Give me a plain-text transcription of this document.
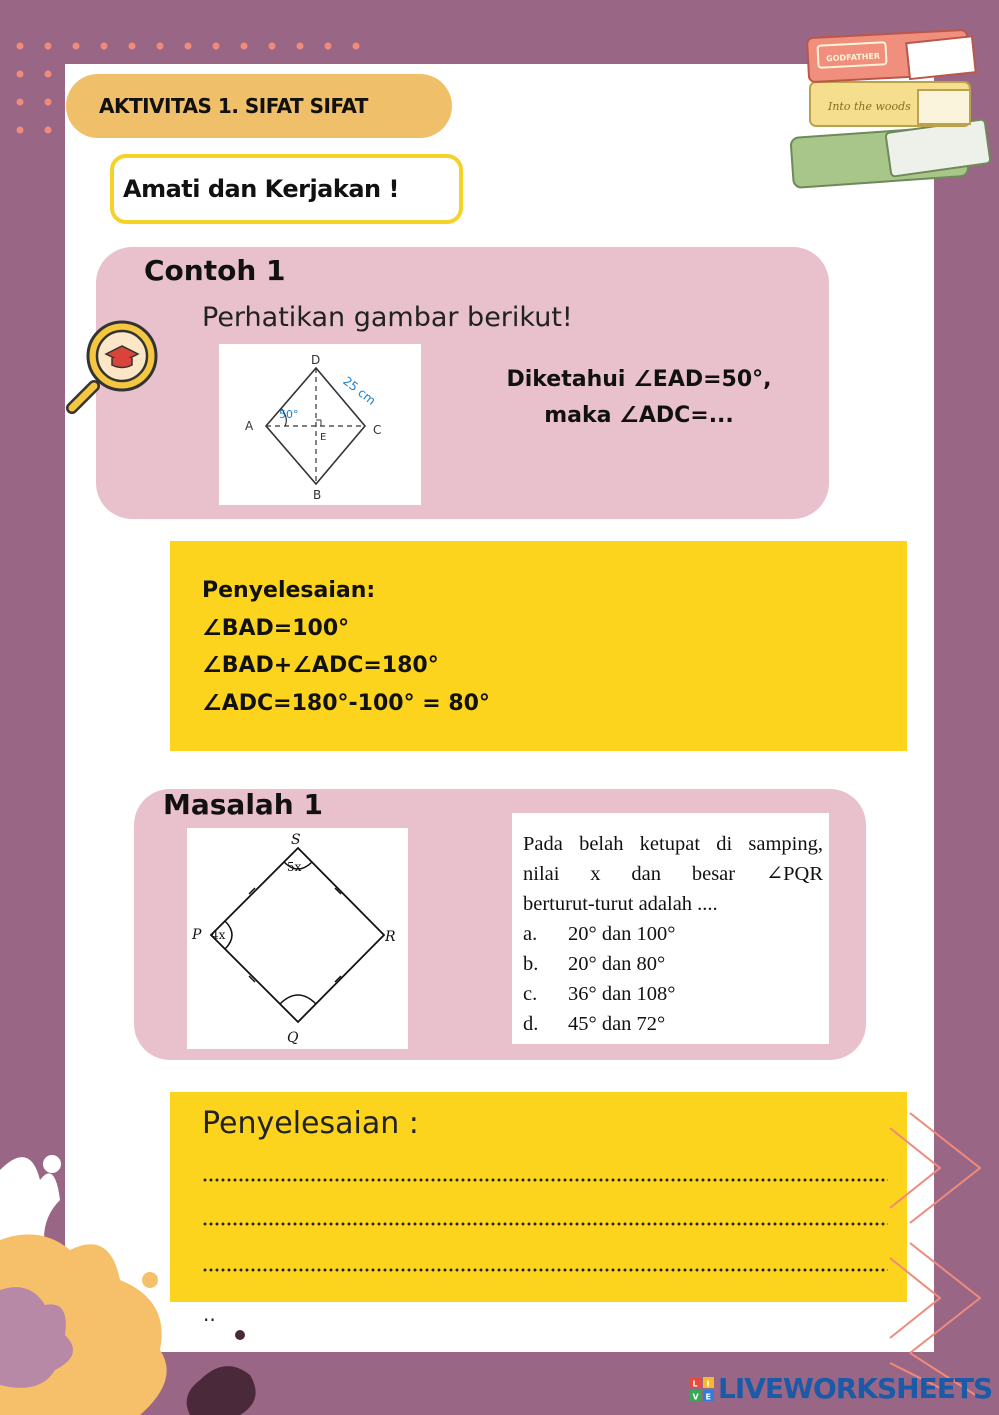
Into the woods
GODFATHER
AKTIVITAS 1. SIFAT SIFAT
Amati dan Kerjakan !
Contoh 1
Perhatikan gambar berikut!
D
A	C
B
E
50°
25 cm	Diketahui ∠EAD=50°,
maka ∠ADC=...
Penyelesaian:
∠BAD=100°
∠BAD+∠ADC=180°
∠ADC=180°-100° = 80°
Masalah 1
S
P	R
Q
5x
4x
Pada belah ketupat di samping,
nilai x dan besar ∠PQR
berturut-turut adalah ....
a.	20° dan 100°
b.	20° dan 80°
c.	36° dan 108°
d.	45° dan 72°
Penyelesaian :
..
L I
V E LIVEWORKSHEETS
